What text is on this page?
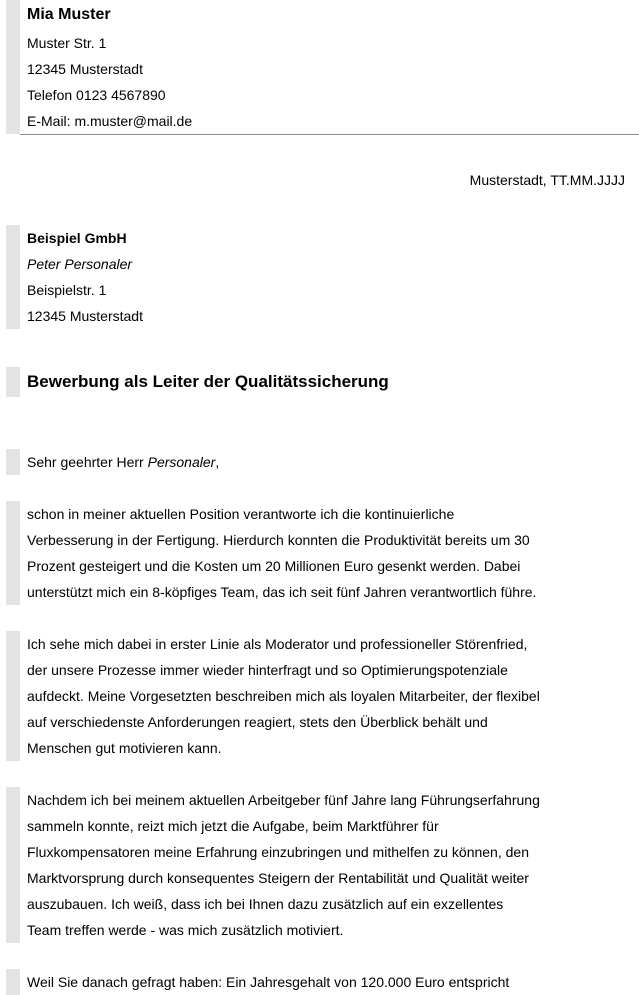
Mia Muster
Muster Str. 1
12345 Musterstadt
Telefon 0123 4567890
E-Mail: m.muster@mail.de
Musterstadt, TT.MM.JJJJ
Beispiel GmbH
Peter Personaler
Beispielstr. 1
12345 Musterstadt
Bewerbung als Leiter der Qualitätssicherung
Sehr geehrter Herr Personaler,
schon in meiner aktuellen Position verantworte ich die kontinuierliche
Verbesserung in der Fertigung. Hierdurch konnten die Produktivität bereits um 30
Prozent gesteigert und die Kosten um 20 Millionen Euro gesenkt werden. Dabei
unterstützt mich ein 8-köpfiges Team, das ich seit fünf Jahren verantwortlich führe.
Ich sehe mich dabei in erster Linie als Moderator und professioneller Störenfried,
der unsere Prozesse immer wieder hinterfragt und so Optimierungspotenziale
aufdeckt. Meine Vorgesetzten beschreiben mich als loyalen Mitarbeiter, der flexibel
auf verschiedenste Anforderungen reagiert, stets den Überblick behält und
Menschen gut motivieren kann.
Nachdem ich bei meinem aktuellen Arbeitgeber fünf Jahre lang Führungserfahrung
sammeln konnte, reizt mich jetzt die Aufgabe, beim Marktführer für
Fluxkompensatoren meine Erfahrung einzubringen und mithelfen zu können, den
Marktvorsprung durch konsequentes Steigern der Rentabilität und Qualität weiter
auszubauen. Ich weiß, dass ich bei Ihnen dazu zusätzlich auf ein exzellentes
Team treffen werde - was mich zusätzlich motiviert.
Weil Sie danach gefragt haben: Ein Jahresgehalt von 120.000 Euro entspricht
